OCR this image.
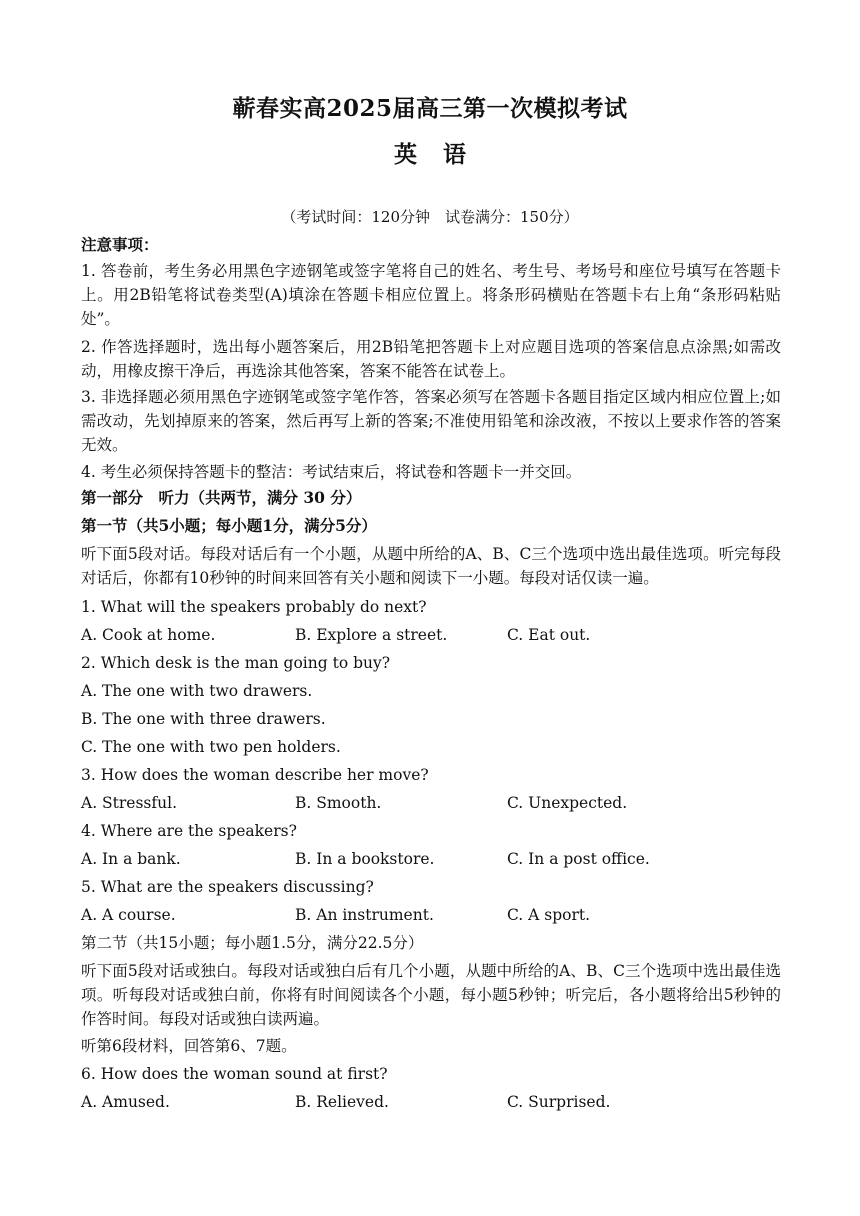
蕲春实高2025届高三第一次模拟考试
英语
（考试时间：120分钟　试卷满分：150分）
注意事项：
1. 答卷前，考生务必用黑色字迹钢笔或签字笔将自己的姓名、考生号、考场号和座位号填写在答题卡上。用2B铅笔将试卷类型(A)填涂在答题卡相应位置上。将条形码横贴在答题卡右上角“条形码粘贴处”。
2. 作答选择题时，选出每小题答案后，用2B铅笔把答题卡上对应题目选项的答案信息点涂黑;如需改动，用橡皮擦干净后，再选涂其他答案，答案不能答在试卷上。
3. 非选择题必须用黑色字迹钢笔或签字笔作答，答案必须写在答题卡各题目指定区域内相应位置上;如需改动，先划掉原来的答案，然后再写上新的答案;不准使用铅笔和涂改液，不按以上要求作答的答案无效。
4. 考生必须保持答题卡的整洁：考试结束后，将试卷和答题卡一并交回。
第一部分　听力（共两节，满分 30 分）
第一节（共5小题；每小题1分，满分5分）
听下面5段对话。每段对话后有一个小题，从题中所给的A、B、C三个选项中选出最佳选项。听完每段对话后，你都有10秒钟的时间来回答有关小题和阅读下一小题。每段对话仅读一遍。
1. What will the speakers probably do next?
A. Cook at home.	B. Explore a street.	C. Eat out.
2. Which desk is the man going to buy?
A. The one with two drawers.
B. The one with three drawers.
C. The one with two pen holders.
3. How does the woman describe her move?
A. Stressful.	B. Smooth.	C. Unexpected.
4. Where are the speakers?
A. In a bank.	B. In a bookstore.	C. In a post office.
5. What are the speakers discussing?
A. A course.	B. An instrument.	C. A sport.
第二节（共15小题；每小题1.5分，满分22.5分）
听下面5段对话或独白。每段对话或独白后有几个小题，从题中所给的A、B、C三个选项中选出最佳选项。听每段对话或独白前，你将有时间阅读各个小题，每小题5秒钟；听完后，各小题将给出5秒钟的作答时间。每段对话或独白读两遍。
听第6段材料，回答第6、7题。
6. How does the woman sound at first?
A. Amused.	B. Relieved.	C. Surprised.
